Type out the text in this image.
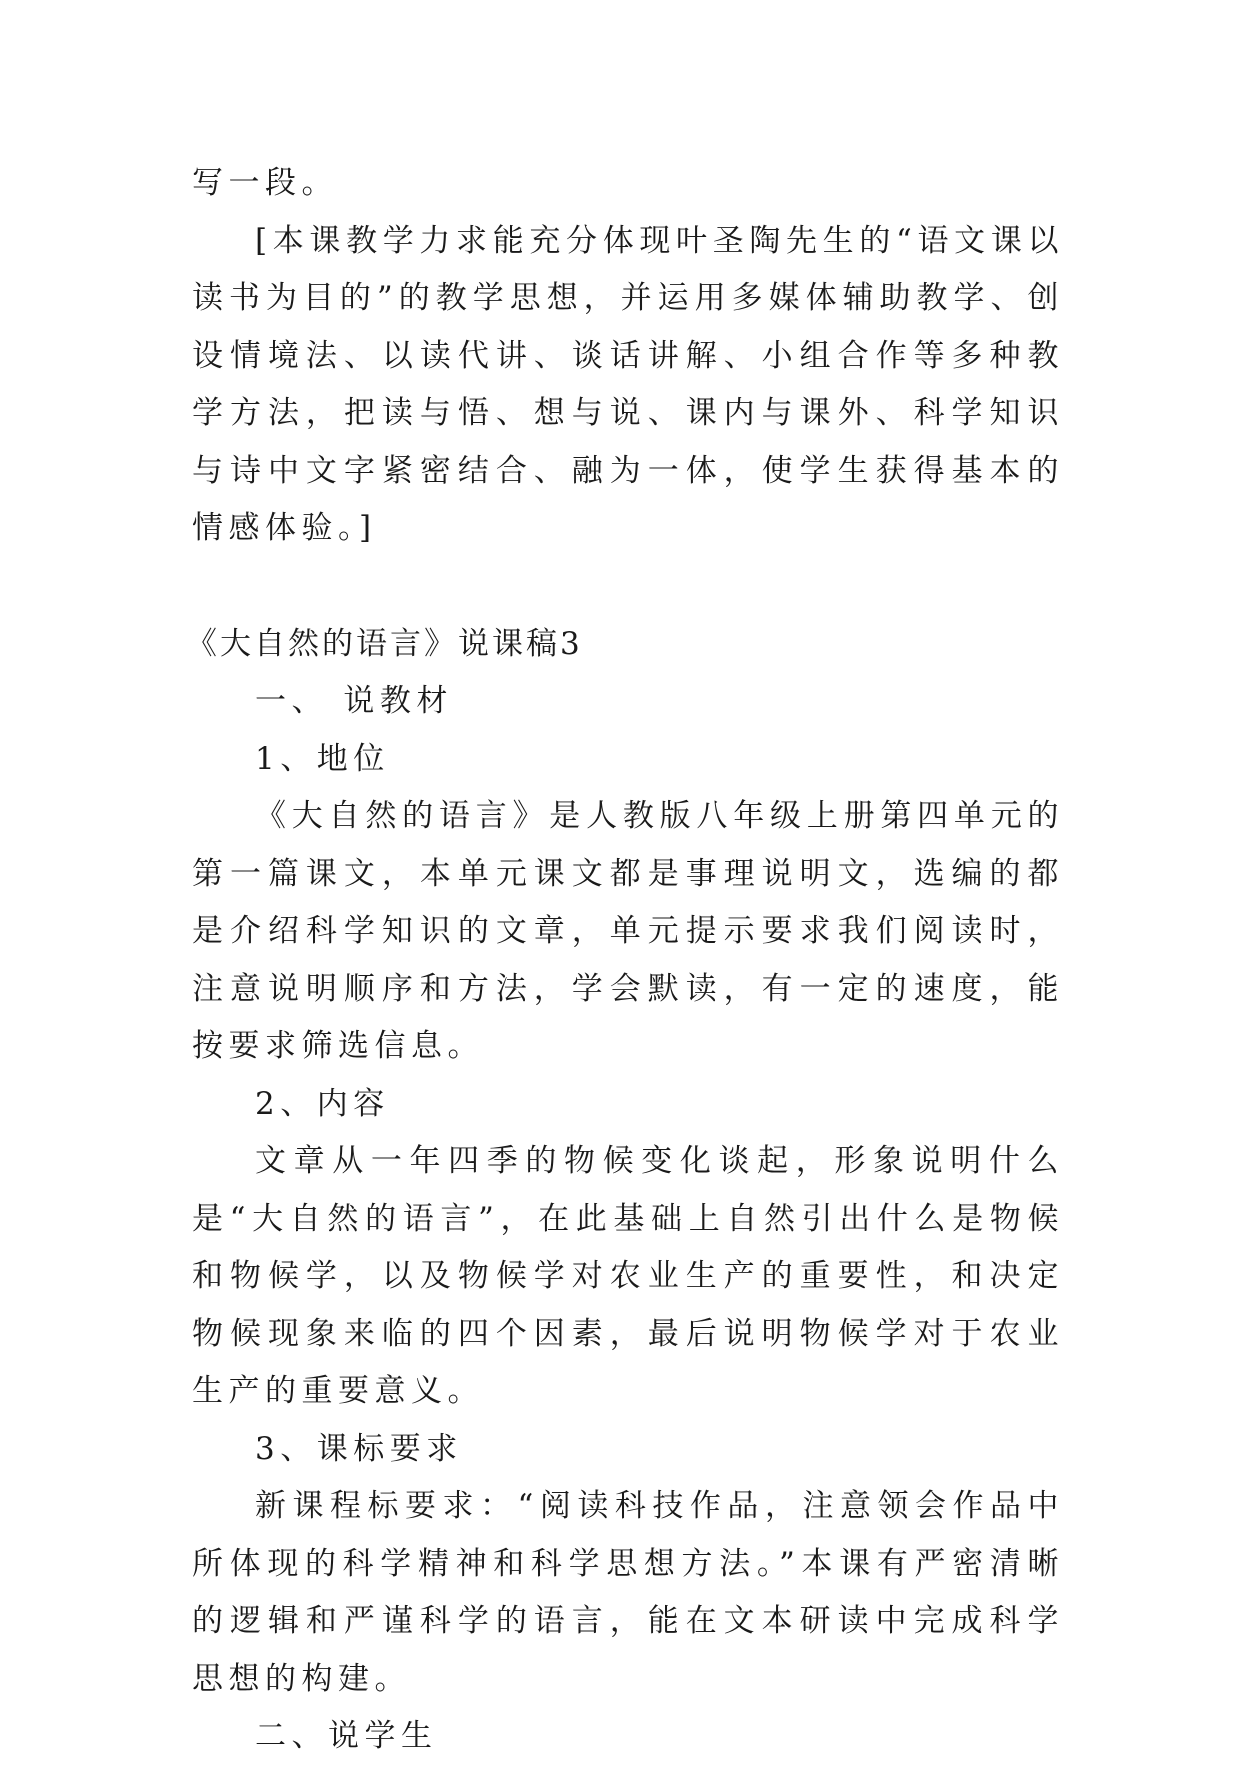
写一段。

[本课教学力求能充分体现叶圣陶先生的“语文课以读书为目的”的教学思想，并运用多媒体辅助教学、创设情境法、以读代讲、谈话讲解、小组合作等多种教学方法，把读与悟、想与说、课内与课外、科学知识与诗中文字紧密结合、融为一体，使学生获得基本的情感体验。]

《大自然的语言》说课稿3

一、 说教材

1、地位

《大自然的语言》是人教版八年级上册第四单元的第一篇课文，本单元课文都是事理说明文，选编的都是介绍科学知识的文章，单元提示要求我们阅读时，注意说明顺序和方法，学会默读，有一定的速度，能按要求筛选信息。

2、内容

文章从一年四季的物候变化谈起，形象说明什么是“大自然的语言”，在此基础上自然引出什么是物候和物候学，以及物候学对农业生产的重要性，和决定物候现象来临的四个因素，最后说明物候学对于农业生产的重要意义。

3、课标要求

新课程标要求：“阅读科技作品，注意领会作品中所体现的科学精神和科学思想方法。”本课有严密清晰的逻辑和严谨科学的语言，能在文本研读中完成科学思想的构建。

二、说学生
